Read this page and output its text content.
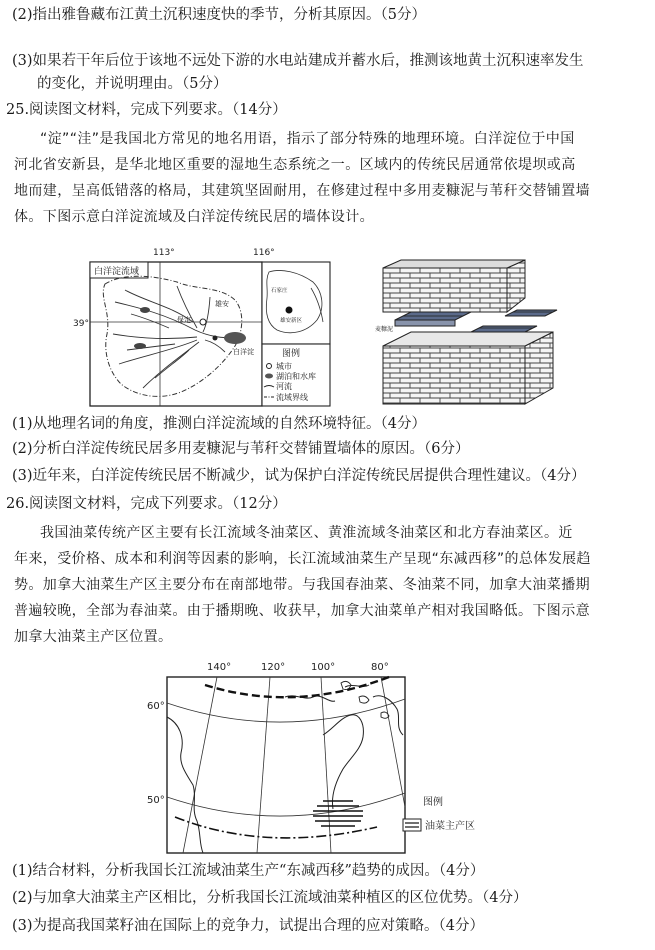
(2)指出雅鲁藏布江黄土沉积速度快的季节，分析其原因。（5分）
(3)如果若干年后位于该地不远处下游的水电站建成并蓄水后，推测该地黄土沉积速率发生
的变化，并说明理由。（5分）
25.阅读图文材料，完成下列要求。（14分）
“淀”“洼”是我国北方常见的地名用语，指示了部分特殊的地理环境。白洋淀位于中国
河北省安新县，是华北地区重要的湿地生态系统之一。区域内的传统民居通常依堤坝或高
地而建，呈高低错落的格局，其建筑坚固耐用，在修建过程中多用麦糠泥与苇秆交替铺置墙
体。下图示意白洋淀流域及白洋淀传统民居的墙体设计。
113°	116°
白洋淀流域
39°
雄安
保定
白洋淀
石家庄
雄安新区
图例
城市
湖泊和水库
河流
流域界线
麦糠泥
(1)从地理名词的角度，推测白洋淀流域的自然环境特征。（4分）
(2)分析白洋淀传统民居多用麦糠泥与苇秆交替铺置墙体的原因。（6分）
(3)近年来，白洋淀传统民居不断减少，试为保护白洋淀传统民居提供合理性建议。（4分）
26.阅读图文材料，完成下列要求。（12分）
我国油菜传统产区主要有长江流域冬油菜区、黄淮流域冬油菜区和北方春油菜区。近
年来，受价格、成本和利润等因素的影响，长江流域油菜生产呈现“东减西移”的总体发展趋
势。加拿大油菜生产区主要分布在南部地带。与我国春油菜、冬油菜不同，加拿大油菜播期
普遍较晚，全部为春油菜。由于播期晚、收获早，加拿大油菜单产相对我国略低。下图示意
加拿大油菜主产区位置。
140°	120°	100°	80°
60°
50°	图例
油菜主产区
(1)结合材料，分析我国长江流域油菜生产“东减西移”趋势的成因。（4分）
(2)与加拿大油菜主产区相比，分析我国长江流域油菜种植区的区位优势。（4分）
(3)为提高我国菜籽油在国际上的竞争力，试提出合理的应对策略。（4分）
